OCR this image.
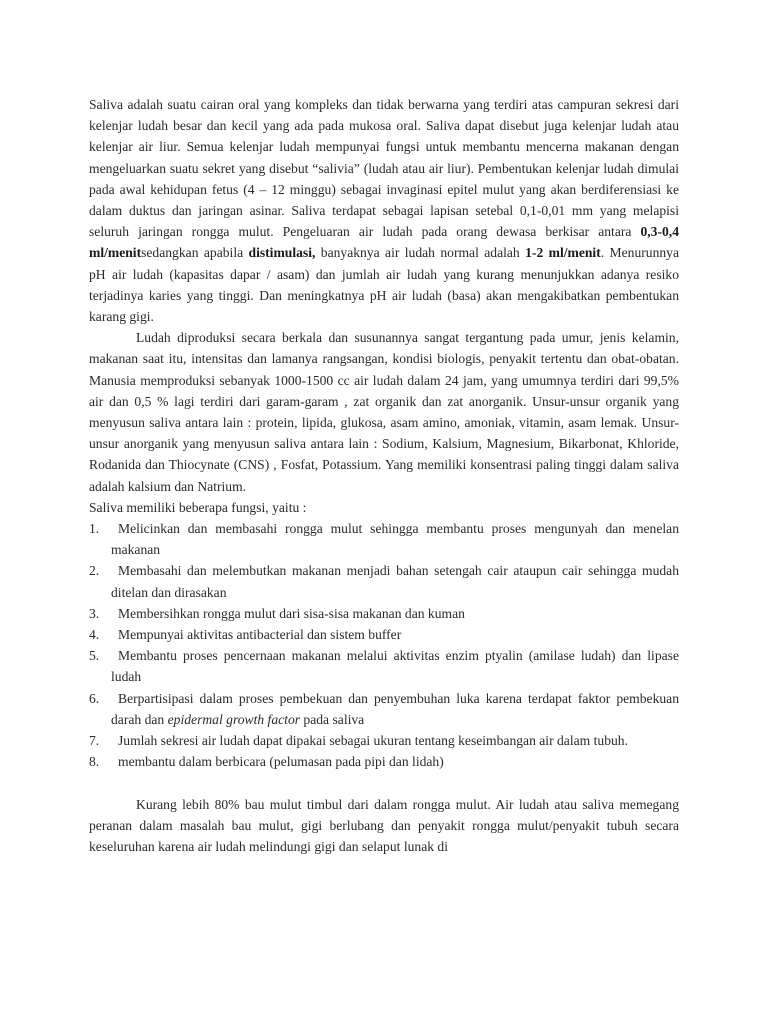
Saliva adalah suatu cairan oral yang kompleks dan tidak berwarna yang terdiri atas campuran sekresi dari kelenjar ludah besar dan kecil yang ada pada mukosa oral. Saliva dapat disebut juga kelenjar ludah atau kelenjar air liur. Semua kelenjar ludah mempunyai fungsi untuk membantu mencerna makanan dengan mengeluarkan suatu sekret yang disebut “salivia” (ludah atau air liur). Pembentukan kelenjar ludah dimulai pada awal kehidupan fetus (4 – 12 minggu) sebagai invaginasi epitel mulut yang akan berdiferensiasi ke dalam duktus dan jaringan asinar. Saliva terdapat sebagai lapisan setebal 0,1-0,01 mm yang melapisi seluruh jaringan rongga mulut. Pengeluaran air ludah pada orang dewasa berkisar antara 0,3-0,4 ml/menitsedangkan apabila distimulasi, banyaknya air ludah normal adalah 1-2 ml/menit. Menurunnya pH air ludah (kapasitas dapar / asam) dan jumlah air ludah yang kurang menunjukkan adanya resiko terjadinya karies yang tinggi. Dan meningkatnya pH air ludah (basa) akan mengakibatkan pembentukan karang gigi.

Ludah diproduksi secara berkala dan susunannya sangat tergantung pada umur, jenis kelamin, makanan saat itu, intensitas dan lamanya rangsangan, kondisi biologis, penyakit tertentu dan obat-obatan. Manusia memproduksi sebanyak 1000-1500 cc air ludah dalam 24 jam, yang umumnya terdiri dari 99,5% air dan 0,5 % lagi terdiri dari garam-garam , zat organik dan zat anorganik. Unsur-unsur organik yang menyusun saliva antara lain : protein, lipida, glukosa, asam amino, amoniak, vitamin, asam lemak. Unsur-unsur anorganik yang menyusun saliva antara lain : Sodium, Kalsium, Magnesium, Bikarbonat, Khloride, Rodanida dan Thiocynate (CNS) , Fosfat, Potassium. Yang memiliki konsentrasi paling tinggi dalam saliva adalah kalsium dan Natrium.

Saliva memiliki beberapa fungsi, yaitu :

1. Melicinkan dan membasahi rongga mulut sehingga membantu proses mengunyah dan menelan makanan
2. Membasahi dan melembutkan makanan menjadi bahan setengah cair ataupun cair sehingga mudah ditelan dan dirasakan
3. Membersihkan rongga mulut dari sisa-sisa makanan dan kuman
4. Mempunyai aktivitas antibacterial dan sistem buffer
5. Membantu proses pencernaan makanan melalui aktivitas enzim ptyalin (amilase ludah) dan lipase ludah
6. Berpartisipasi dalam proses pembekuan dan penyembuhan luka karena terdapat faktor pembekuan darah dan epidermal growth factor pada saliva
7. Jumlah sekresi air ludah dapat dipakai sebagai ukuran tentang keseimbangan air dalam tubuh.
8. membantu dalam berbicara (pelumasan pada pipi dan lidah)

Kurang lebih 80% bau mulut timbul dari dalam rongga mulut. Air ludah atau saliva memegang peranan dalam masalah bau mulut, gigi berlubang dan penyakit rongga mulut/penyakit tubuh secara keseluruhan karena air ludah melindungi gigi dan selaput lunak di
